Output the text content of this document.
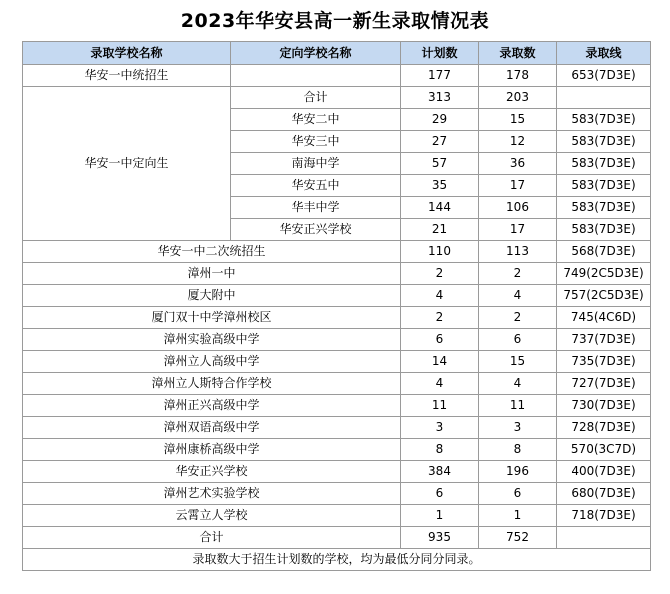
2023年华安县高一新生录取情况表
录取学校名称	定向学校名称	计划数	录取数	录取线
华安一中统招生		177	178	653(7D3E)
华安一中定向生	合计	313	203	
	华安二中	29	15	583(7D3E)
	华安三中	27	12	583(7D3E)
	南海中学	57	36	583(7D3E)
	华安五中	35	17	583(7D3E)
	华丰中学	144	106	583(7D3E)
	华安正兴学校	21	17	583(7D3E)
华安一中二次统招生		110	113	568(7D3E)
漳州一中		2	2	749(2C5D3E)
厦大附中		4	4	757(2C5D3E)
厦门双十中学漳州校区		2	2	745(4C6D)
漳州实验高级中学		6	6	737(7D3E)
漳州立人高级中学		14	15	735(7D3E)
漳州立人斯特合作学校		4	4	727(7D3E)
漳州正兴高级中学		11	11	730(7D3E)
漳州双语高级中学		3	3	728(7D3E)
漳州康桥高级中学		8	8	570(3C7D)
华安正兴学校		384	196	400(7D3E)
漳州艺术实验学校		6	6	680(7D3E)
云霄立人学校		1	1	718(7D3E)
合计		935	752	
录取数大于招生计划数的学校，均为最低分同分同录。				
